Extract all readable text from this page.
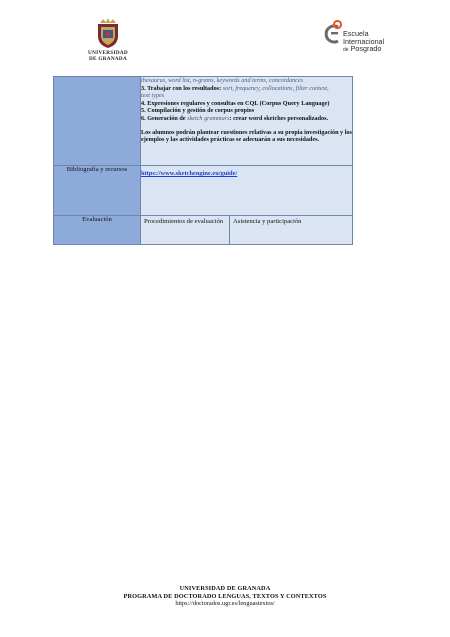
UNIVERSIDAD
DE GRANADA
Escuela
Internacional
de Posgrado

thesaurus, word list, n-grams, keywords and terms, concordances
3. Trabajar con los resultados: sort, frequency, collocations, filter context,
text types
4. Expresiones regulares y consultas en CQL (Corpus Query Language)
5. Compilación y gestión de corpus propios
6. Generación de sketch grammars: crear word sketches personalizados.
Los alumnos podrán plantear cuestiones relativas a su propia investigación y los ejemplos y las actividades prácticas se adecuarán a sus necesidades.

Bibliografía y recursos	https://www.sketchengine.eu/guide/
Evaluación		Procedimientos de evaluación	Asistencia y participación
UNIVERSIDAD DE GRANADA
PROGRAMA DE DOCTORADO LENGUAS, TEXTOS Y CONTEXTOS
https://doctorados.ugr.es/lenguastextos/
